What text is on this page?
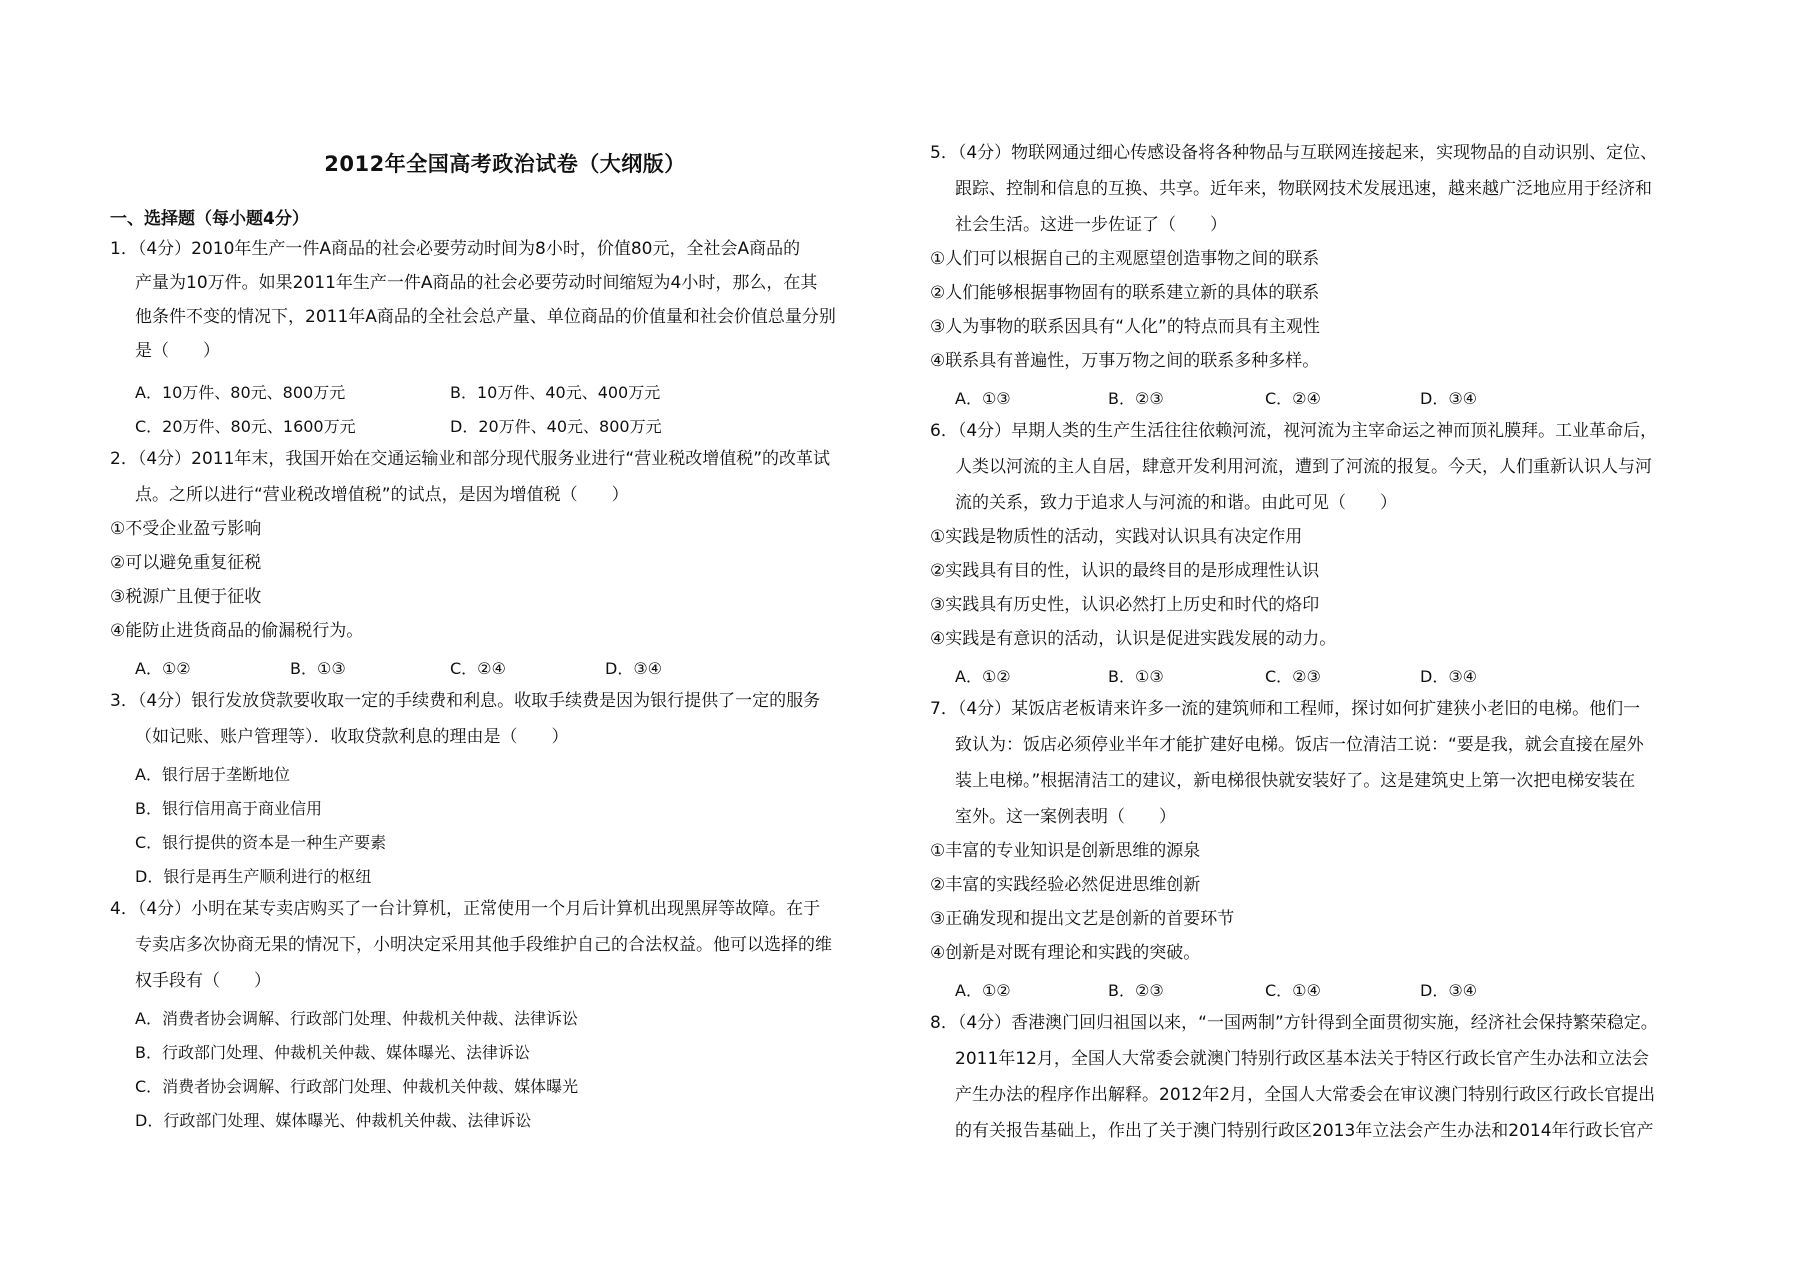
2012年全国高考政治试卷（大纲版）
一、选择题（每小题4分）
1．（4分）2010年生产一件A商品的社会必要劳动时间为8小时，价值80元，全社会A商品的
产量为10万件。如果2011年生产一件A商品的社会必要劳动时间缩短为4小时，那么，在其
他条件不变的情况下，2011年A商品的全社会总产量、单位商品的价值量和社会价值总量分别
是（　　）
A．10万件、80元、800万元	B．10万件、40元、400万元
C．20万件、80元、1600万元	D．20万件、40元、800万元
2．（4分）2011年末，我国开始在交通运输业和部分现代服务业进行“营业税改增值税”的改革试
点。之所以进行“营业税改增值税”的试点，是因为增值税（　　）
①不受企业盈亏影响
②可以避免重复征税
③税源广且便于征收
④能防止进货商品的偷漏税行为。
A．①②	B．①③	C．②④	D．③④
3．（4分）银行发放贷款要收取一定的手续费和利息。收取手续费是因为银行提供了一定的服务
（如记账、账户管理等）．收取贷款利息的理由是（　　）
A．银行居于垄断地位
B．银行信用高于商业信用
C．银行提供的资本是一种生产要素
D．银行是再生产顺利进行的枢纽
4．（4分）小明在某专卖店购买了一台计算机，正常使用一个月后计算机出现黑屏等故障。在于
专卖店多次协商无果的情况下，小明决定采用其他手段维护自己的合法权益。他可以选择的维
权手段有（　　）
A．消费者协会调解、行政部门处理、仲裁机关仲裁、法律诉讼
B．行政部门处理、仲裁机关仲裁、媒体曝光、法律诉讼
C．消费者协会调解、行政部门处理、仲裁机关仲裁、媒体曝光
D．行政部门处理、媒体曝光、仲裁机关仲裁、法律诉讼
5．（4分）物联网通过细心传感设备将各种物品与互联网连接起来，实现物品的自动识别、定位、
跟踪、控制和信息的互换、共享。近年来，物联网技术发展迅速，越来越广泛地应用于经济和
社会生活。这进一步佐证了（　　）
①人们可以根据自己的主观愿望创造事物之间的联系
②人们能够根据事物固有的联系建立新的具体的联系
③人为事物的联系因具有“人化”的特点而具有主观性
④联系具有普遍性，万事万物之间的联系多种多样。
A．①③	B．②③	C．②④	D．③④
6．（4分）早期人类的生产生活往往依赖河流，视河流为主宰命运之神而顶礼膜拜。工业革命后，
人类以河流的主人自居，肆意开发利用河流，遭到了河流的报复。今天，人们重新认识人与河
流的关系，致力于追求人与河流的和谐。由此可见（　　）
①实践是物质性的活动，实践对认识具有决定作用
②实践具有目的性，认识的最终目的是形成理性认识
③实践具有历史性，认识必然打上历史和时代的烙印
④实践是有意识的活动，认识是促进实践发展的动力。
A．①②	B．①③	C．②③	D．③④
7．（4分）某饭店老板请来许多一流的建筑师和工程师，探讨如何扩建狭小老旧的电梯。他们一
致认为：饭店必须停业半年才能扩建好电梯。饭店一位清洁工说：“要是我，就会直接在屋外
装上电梯。”根据清洁工的建议，新电梯很快就安装好了。这是建筑史上第一次把电梯安装在
室外。这一案例表明（　　）
①丰富的专业知识是创新思维的源泉
②丰富的实践经验必然促进思维创新
③正确发现和提出文艺是创新的首要环节
④创新是对既有理论和实践的突破。
A．①②	B．②③	C．①④	D．③④
8．（4分）香港澳门回归祖国以来，“一国两制”方针得到全面贯彻实施，经济社会保持繁荣稳定。
2011年12月，全国人大常委会就澳门特别行政区基本法关于特区行政长官产生办法和立法会
产生办法的程序作出解释。2012年2月，全国人大常委会在审议澳门特别行政区行政长官提出
的有关报告基础上，作出了关于澳门特别行政区2013年立法会产生办法和2014年行政长官产
